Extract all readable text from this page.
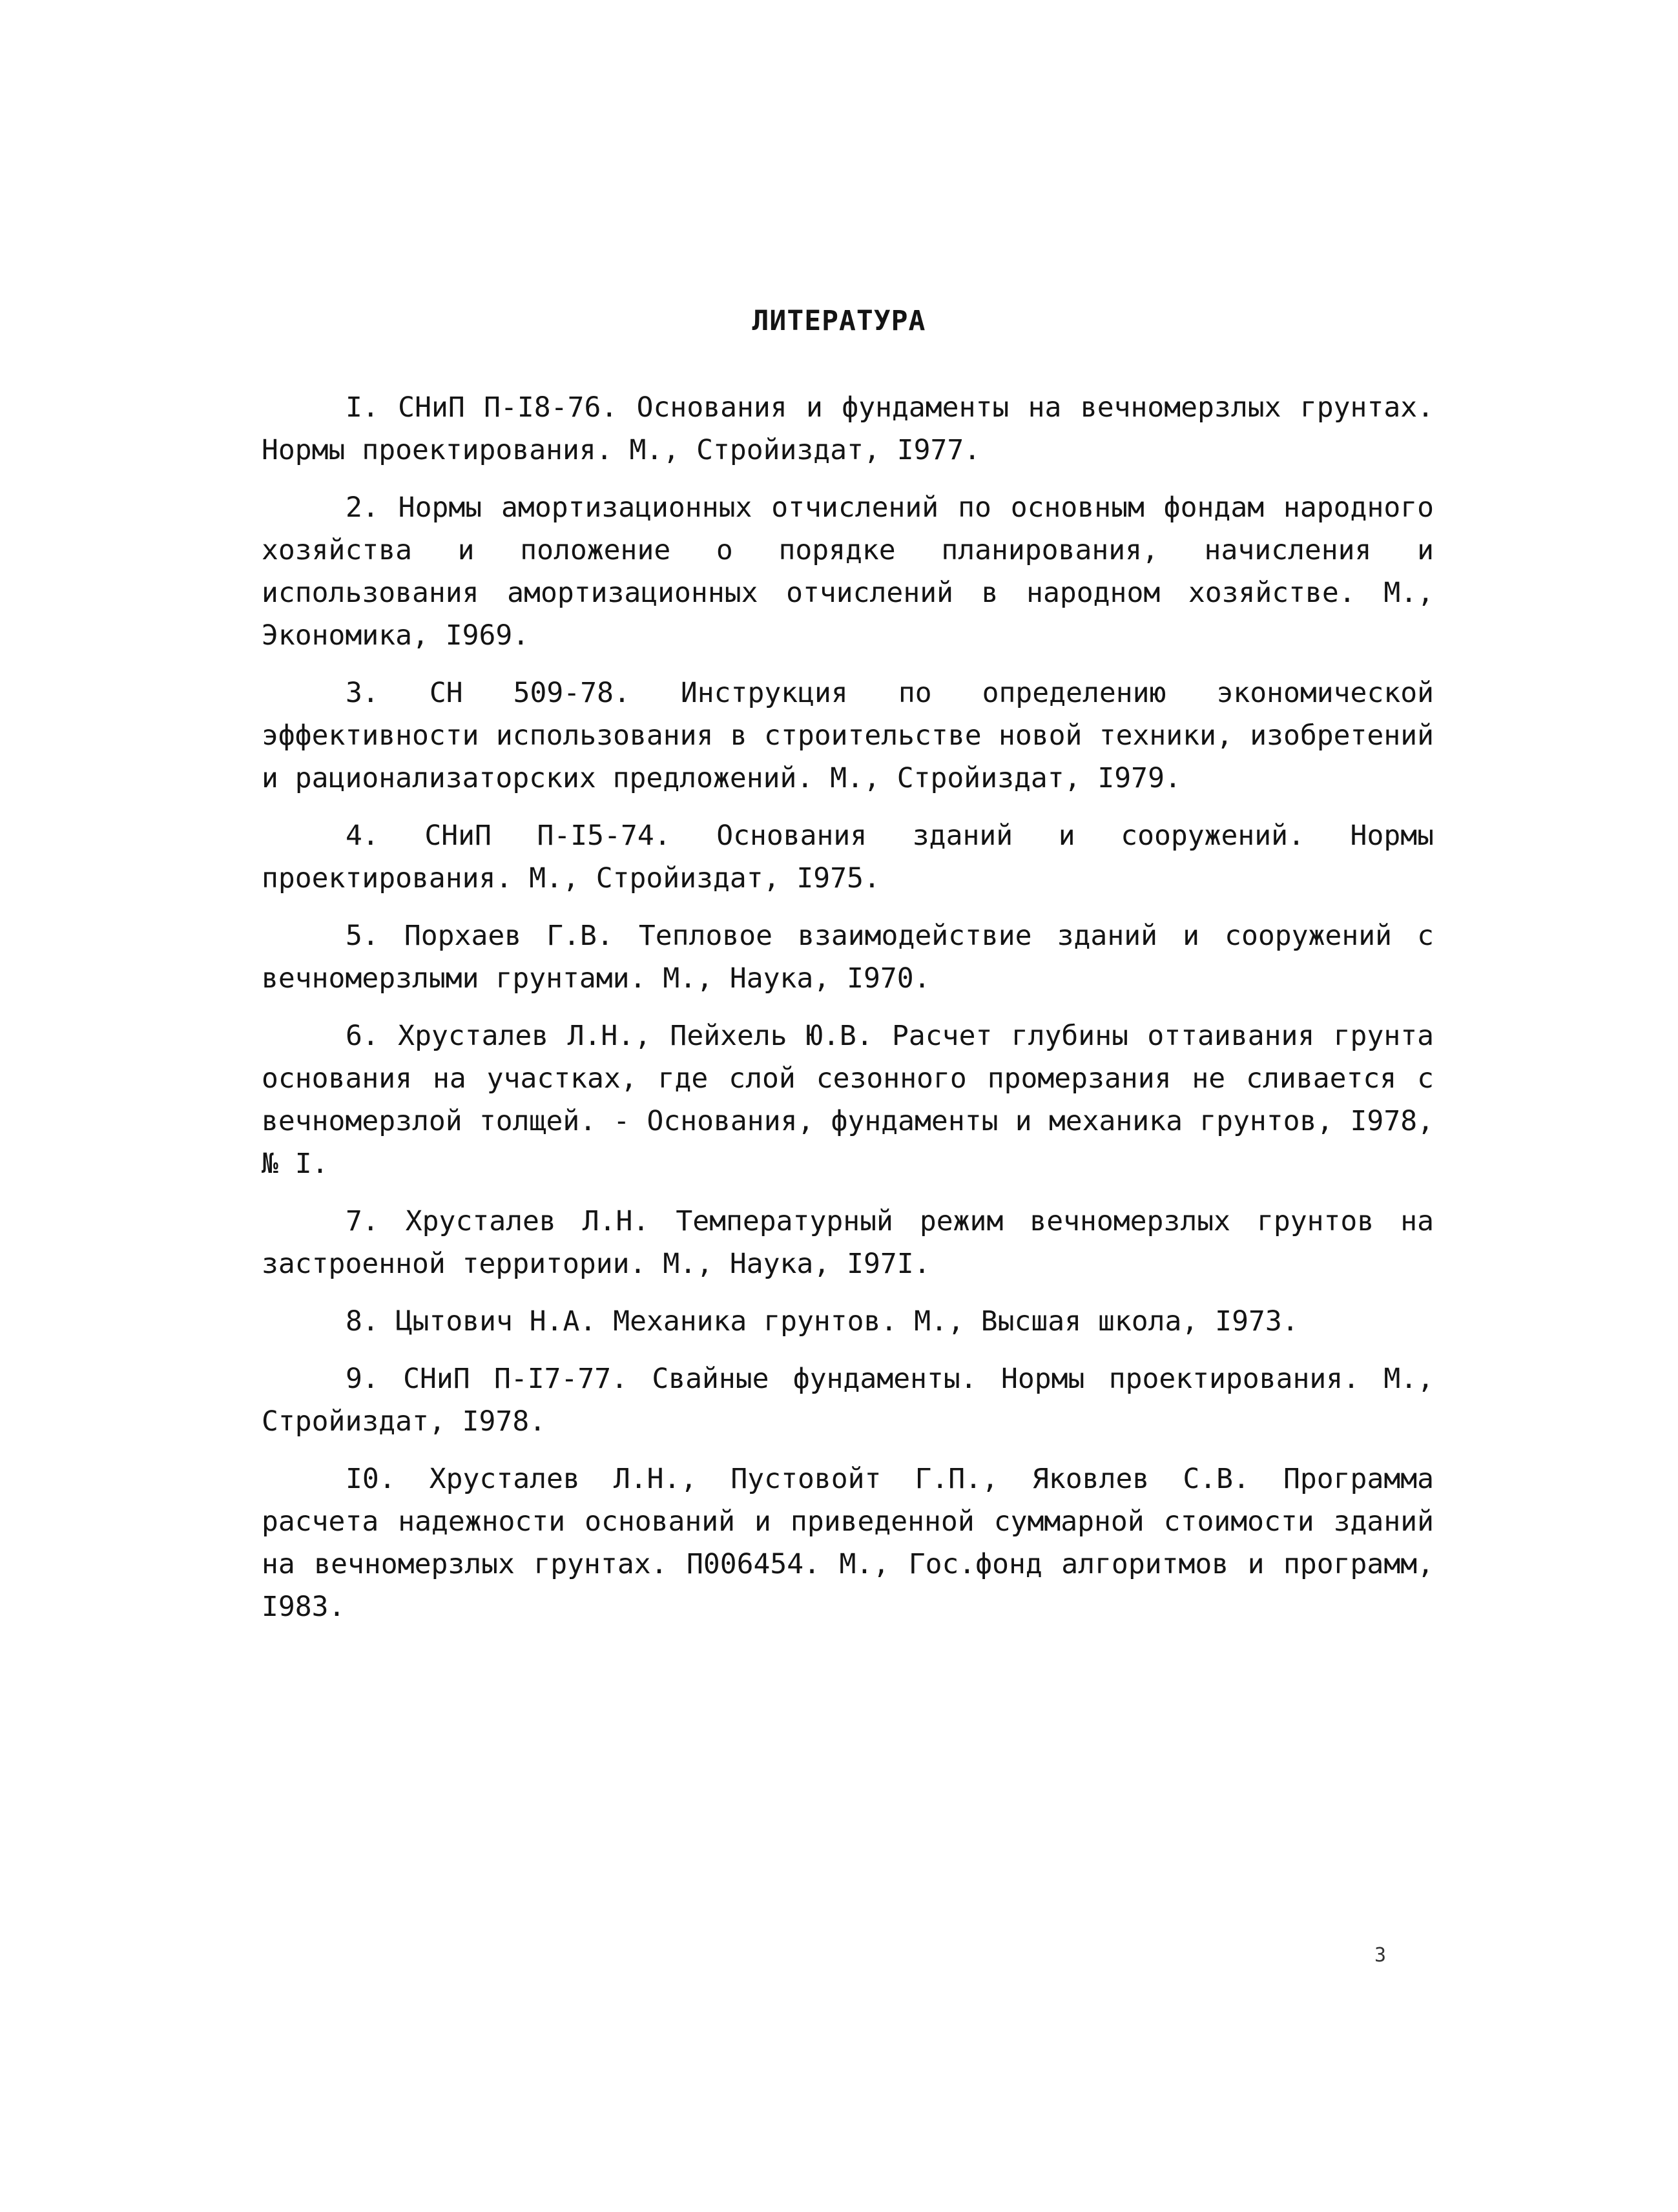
ЛИТЕРАТУРА
I. СНиП П-I8-76. Основания и фундаменты на вечномерзлых грунтах. Нормы проектирования. М., Стройиздат, I977.
2. Нормы амортизационных отчислений по основным фондам народного хозяйства и положение о порядке планирования, начисления и использования амортизационных отчислений в народном хозяйстве. М., Экономика, I969.
3. СН 509-78. Инструкция по определению экономической эффективности использования в строительстве новой техники, изобретений и рационализаторских предложений. М., Стройиздат, I979.
4. СНиП П-I5-74. Основания зданий и сооружений. Нормы проектирования. М., Стройиздат, I975.
5. Порхаев Г.В. Тепловое взаимодействие зданий и сооружений с вечномерзлыми грунтами. М., Наука, I970.
6. Хрусталев Л.Н., Пейхель Ю.В. Расчет глубины оттаивания грунта основания на участках, где слой сезонного промерзания не сливается с вечномерзлой толщей. - Основания, фундаменты и механика грунтов, I978, № I.
7. Хрусталев Л.Н. Температурный режим вечномерзлых грунтов на застроенной территории. М., Наука, I97I.
8. Цытович Н.А. Механика грунтов. М., Высшая школа, I973.
9. СНиП П-I7-77. Свайные фундаменты. Нормы проектирования. М., Стройиздат, I978.
I0. Хрусталев Л.Н., Пустовойт Г.П., Яковлев С.В. Программа расчета надежности оснований и приведенной суммарной стоимости зданий на вечномерзлых грунтах. П006454. М., Гос.фонд алгоритмов и программ, I983.
3
